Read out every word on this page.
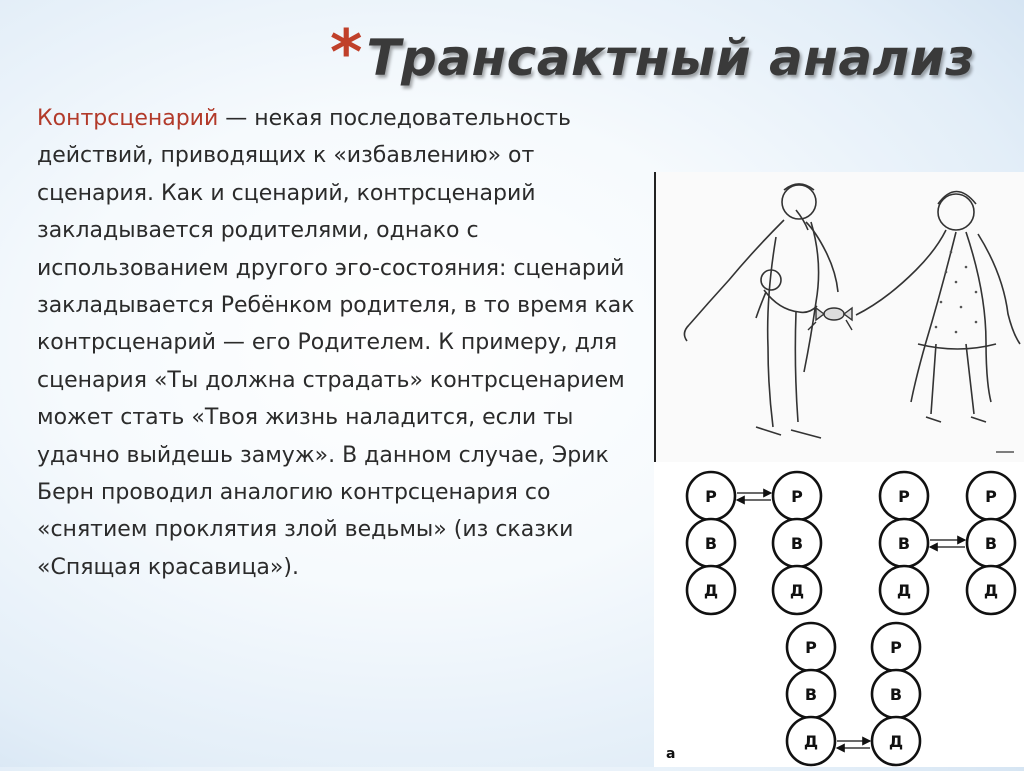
* Трансактный анализ
Контрсценарий — некая последовательность действий, приводящих к «избавлению» от сценария. Как и сценарий, контрсценарий закладывается родителями, однако с использованием другого эго-состояния: сценарий закладывается Ребёнком родителя, в то время как контрсценарий — его Родителем. К примеру, для сценария «Ты должна страдать» контрсценарием может стать «Твоя жизнь наладится, если ты удачно выйдешь замуж». В данном случае, Эрик Берн проводил аналогию контрсценария со «снятием проклятия злой ведьмы» (из сказки «Спящая красавица»).
Р
В
Д
Р
В
Д
Р
В
Д
Р
В
Д
Р
В
Д
Р
В
Д
а
